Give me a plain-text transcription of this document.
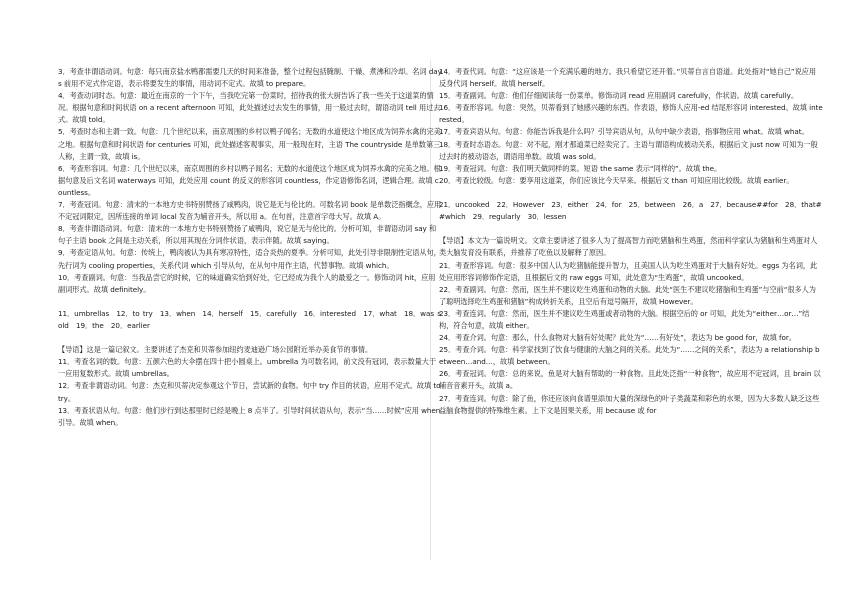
3．考查非谓语动词。句意：每只南京盐水鸭都需要几天的时间来准备，整个过程包括腌制、干燥、煮沸和冷却。名词 days 前用不定式作定语，表示将要发生的事情，用动词不定式。故填 to prepare。

4．考查动词时态。句意：最近在南京的一个下午，当我吃完第一份菜时，招待我的张大厨告诉了我一些关于这道菜的情况。根据句意和时间状语 on a recent afternoon 可知，此处描述过去发生的事情，用一般过去时，谓语动词 tell 用过去式。故填 told。

5．考查时态和主谓一致。句意：几个世纪以来，南京周围的乡村以鸭子闻名；无数的水道使这个地区成为饲养水禽的完美之地。根据句意和时间状语 for centuries 可知，此处描述客观事实，用一般现在时，主语 The countryside 是单数第三人称，主谓一致，故填 is。

6．考查形容词。句意：几个世纪以来，南京周围的乡村以鸭子闻名；无数的水道使这个地区成为饲养水禽的完美之地。根据句意及后文名词 waterways 可知，此处应用 count 的反义的形容词 countless，作定语修饰名词，逻辑合理。故填 countless。

7．考查冠词。句意：清末的一本地方史书特别赞扬了咸鸭肉，说它是无与伦比的。可数名词 book 是单数泛指概念，应用不定冠词限定，因所连接的单词 local 发音为辅音开头，所以用 a。在句首，注意首字母大写。故填 A。

8．考查非谓语动词。句意：清末的一本地方史书特别赞扬了咸鸭肉，说它是无与伦比的。分析可知，非谓语动词 say 和句子主语 book 之间是主动关系，所以用其现在分词作状语，表示伴随。故填 saying。

9．考查定语从句。句意：传统上，鸭肉被认为具有寒凉特性，适合炎热的夏季。分析可知，此处引导非限制性定语从句，先行词为 cooling properties，关系代词 which 引导从句，在从句中用作主语，代替事物。故填 which。

10．考查副词。句意：当我品尝它的时候，它的味道确实恰到好处，它已经成为我个人的最爱之一。修饰动词 hit，应用副词形式。故填 definitely。

11．umbrellas　12．to try　13．when　14．herself　15．carefully　16．interested　17．what　18．was sold　19．the　20．earlier

【导语】这是一篇记叙文。主要讲述了杰克和贝蒂参加纽约麦迪逊广场公园附近举办美食节的事情。

11．考查名词的数。句意：五颜六色的大伞摆在四十把小圆桌上。umbrella 为可数名词，前文没有冠词，表示数量大于一应用复数形式。故填 umbrellas。

12．考查非谓语动词。句意：杰克和贝蒂决定参观这个节日，尝试新的食物。句中 try 作目的状语，应用不定式。故填 to try。

13．考查状语从句。句意：他们步行到达那里时已经是晚上 8 点半了。引导时间状语从句，表示“当……时候”应用 when 引导。故填 when。

14．考查代词。句意：“这应该是一个充满乐趣的地方。我只希望它还开着。”贝蒂自言自语道。此处指对“她自己”说应用反身代词 herself。故填 herself。

15．考查副词。句意：他们仔细阅读每一份菜单。修饰动词 read 应用副词 carefully，作状语。故填 carefully。

16．考查形容词。句意：突然，贝蒂看到了她感兴趣的东西。作表语，修饰人应用-ed 结尾形容词 interested。故填 interested。

17．考查宾语从句。句意：你能告诉我是什么吗？引导宾语从句，从句中缺少表语，指事物应用 what。故填 what。

18．考查时态语态。句意：对不起，刚才那道菜已经卖完了。主语与谓语构成被动关系，根据后文 just now 可知为一般过去时的被动语态，谓语用单数。故填 was sold。

19．考查冠词。句意：我们明天做同样的菜。短语 the same 表示“同样的”。故填 the。

20．考查比较级。句意：要享用这道菜，你们应该比今天早来。根据后文 than 可知应用比较级。故填 earlier。

21．uncooked　22．However　23．either　24．for　25．between　26．a　27．because##for　28．that##which　29．regularly　30．lessen

【导语】本文为一篇说明文。文章主要讲述了很多人为了提高智力而吃猪脑和生鸡蛋，然而科学家认为猪脑和生鸡蛋对人类大脑发育没有联系，并推荐了吃鱼以及解释了原因。

21．考查形容词。句意：很多中国人认为吃猪脑能提升智力，且美国人认为吃生鸡蛋对于大脑有好处。eggs 为名词，此处应用形容词修饰作定语，且根据后文的 raw eggs 可知，此处意为“生鸡蛋”，故填 uncooked。

22．考查副词。句意：然而，医生并不建议吃生鸡蛋和动物的大脑。此处“医生不建议吃猪脑和生鸡蛋”与空前“很多人为了聪明选择吃生鸡蛋和猪脑”构成转折关系，且空后有逗号隔开，故填 However。

23．考查连词。句意：然而，医生并不建议吃生鸡蛋或者动物的大脑。根据空后的 or 可知，此处为“either…or…”结构，符合句意，故填 either。

24．考查介词。句意：那么，什么食物对大脑有好处呢？此处为“……有好处”，表达为 be good for，故填 for。

25．考查介词。句意：科学家找到了饮食与健康的大脑之间的关系。此处为“……之间的关系”，表达为 a relationship between…and…，故填 between。

26．考查冠词。句意：总的来说，鱼是对大脑有帮助的一种食物。且此处泛指“一种食物”，故应用不定冠词，且 brain 以辅音音素开头，故填 a。

27．考查连词。句意：除了鱼，你还应该向食谱里添加大量的深绿色的叶子类蔬菜和彩色的水果，因为大多数人缺乏这些益脑食物提供的特殊维生素。上下文是因果关系，用 because 或 for
